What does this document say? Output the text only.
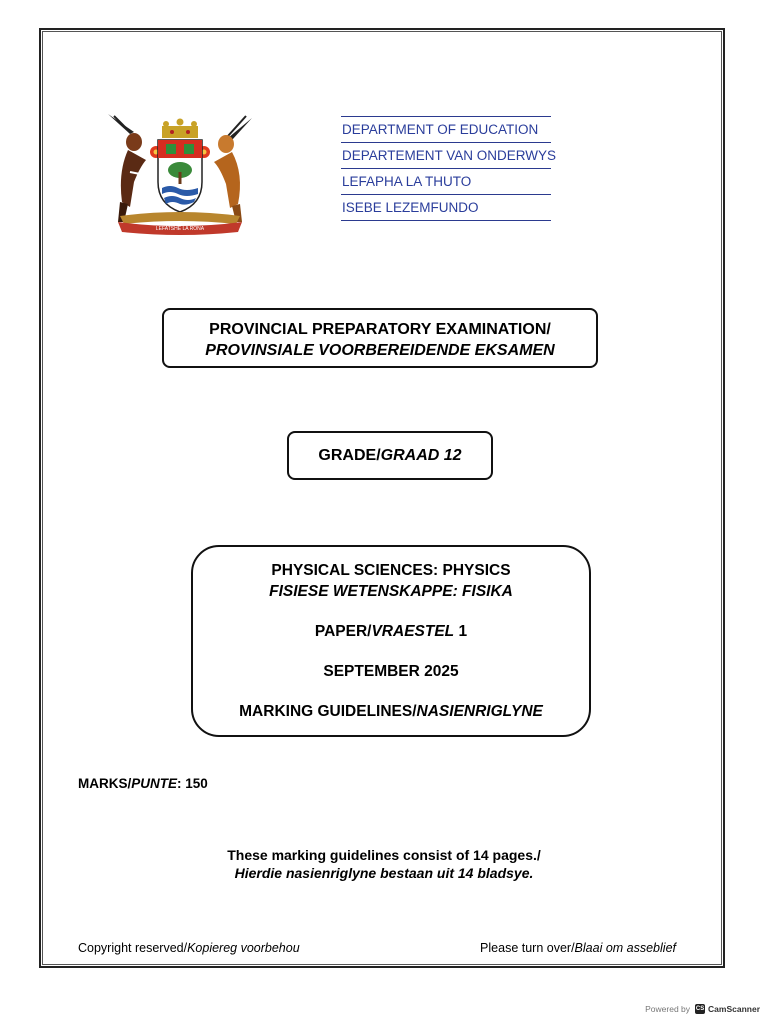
LEFATSHE LA RONA
DEPARTMENT OF EDUCATION
DEPARTEMENT VAN ONDERWYS
LEFAPHA LA THUTO
ISEBE LEZEMFUNDO
PROVINCIAL PREPARATORY EXAMINATION/
PROVINSIALE VOORBEREIDENDE EKSAMEN
GRADE/GRAAD 12
PHYSICAL SCIENCES: PHYSICS
FISIESE WETENSKAPPE: FISIKA
PAPER/VRAESTEL 1
SEPTEMBER 2025
MARKING GUIDELINES/NASIENRIGLYNE
MARKS/PUNTE: 150
These marking guidelines consist of 14 pages./
Hierdie nasienriglyne bestaan uit 14 bladsye.
Copyright reserved/Kopiereg voorbehou	Please turn over/Blaai om asseblief
Powered by CS CamScanner
